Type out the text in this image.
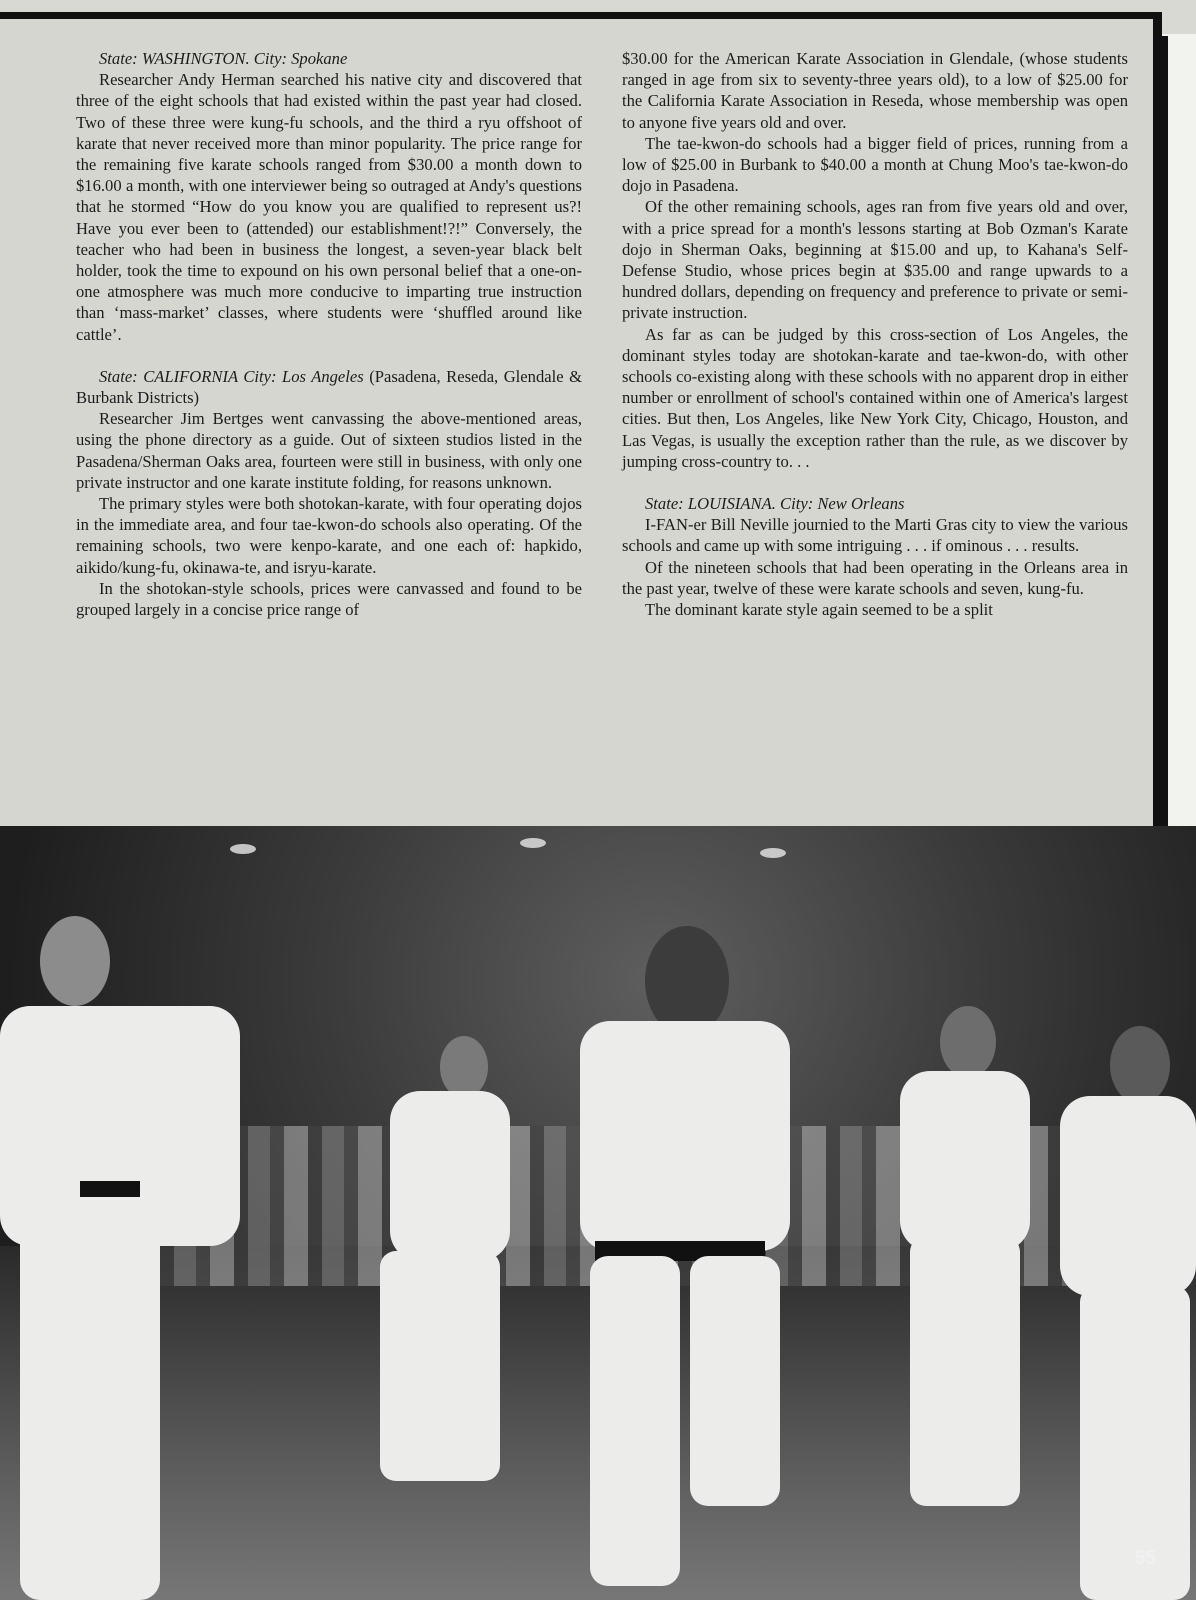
State: WASHINGTON. City: Spokane

Researcher Andy Herman searched his native city and discovered that three of the eight schools that had existed within the past year had closed. Two of these three were kung-fu schools, and the third a ryu offshoot of karate that never received more than minor popularity. The price range for the remaining five karate schools ranged from $30.00 a month down to $16.00 a month, with one interviewer being so outraged at Andy's questions that he stormed “How do you know you are qualified to represent us?! Have you ever been to (attended) our establishment!?!” Conversely, the teacher who had been in business the longest, a seven-year black belt holder, took the time to expound on his own personal belief that a one-on-one atmosphere was much more conducive to imparting true instruction than ‘mass-market’ classes, where students were ‘shuffled around like cattle’.

State: CALIFORNIA City: Los Angeles (Pasadena, Reseda, Glendale & Burbank Districts)

Researcher Jim Bertges went canvassing the above-mentioned areas, using the phone directory as a guide. Out of sixteen studios listed in the Pasadena/Sherman Oaks area, fourteen were still in business, with only one private instructor and one karate institute folding, for reasons unknown.

The primary styles were both shotokan-karate, with four operating dojos in the immediate area, and four tae-kwon-do schools also operating. Of the remaining schools, two were kenpo-karate, and one each of: hapkido, aikido/kung-fu, okinawa-te, and isryu-karate.

In the shotokan-style schools, prices were canvassed and found to be grouped largely in a concise price range of

$30.00 for the American Karate Association in Glendale, (whose students ranged in age from six to seventy-three years old), to a low of $25.00 for the California Karate Association in Reseda, whose membership was open to anyone five years old and over.

The tae-kwon-do schools had a bigger field of prices, running from a low of $25.00 in Burbank to $40.00 a month at Chung Moo's tae-kwon-do dojo in Pasadena.

Of the other remaining schools, ages ran from five years old and over, with a price spread for a month's lessons starting at Bob Ozman's Karate dojo in Sherman Oaks, beginning at $15.00 and up, to Kahana's Self-Defense Studio, whose prices begin at $35.00 and range upwards to a hundred dollars, depending on frequency and preference to private or semi-private instruction.

As far as can be judged by this cross-section of Los Angeles, the dominant styles today are shotokan-karate and tae-kwon-do, with other schools co-existing along with these schools with no apparent drop in either number or enrollment of school's contained within one of America's largest cities. But then, Los Angeles, like New York City, Chicago, Houston, and Las Vegas, is usually the exception rather than the rule, as we discover by jumping cross-country to. . .

State: LOUISIANA. City: New Orleans

I-FAN-er Bill Neville journied to the Marti Gras city to view the various schools and came up with some intriguing . . . if ominous . . . results.

Of the nineteen schools that had been operating in the Orleans area in the past year, twelve of these were karate schools and seven, kung-fu.

The dominant karate style again seemed to be a split

55
